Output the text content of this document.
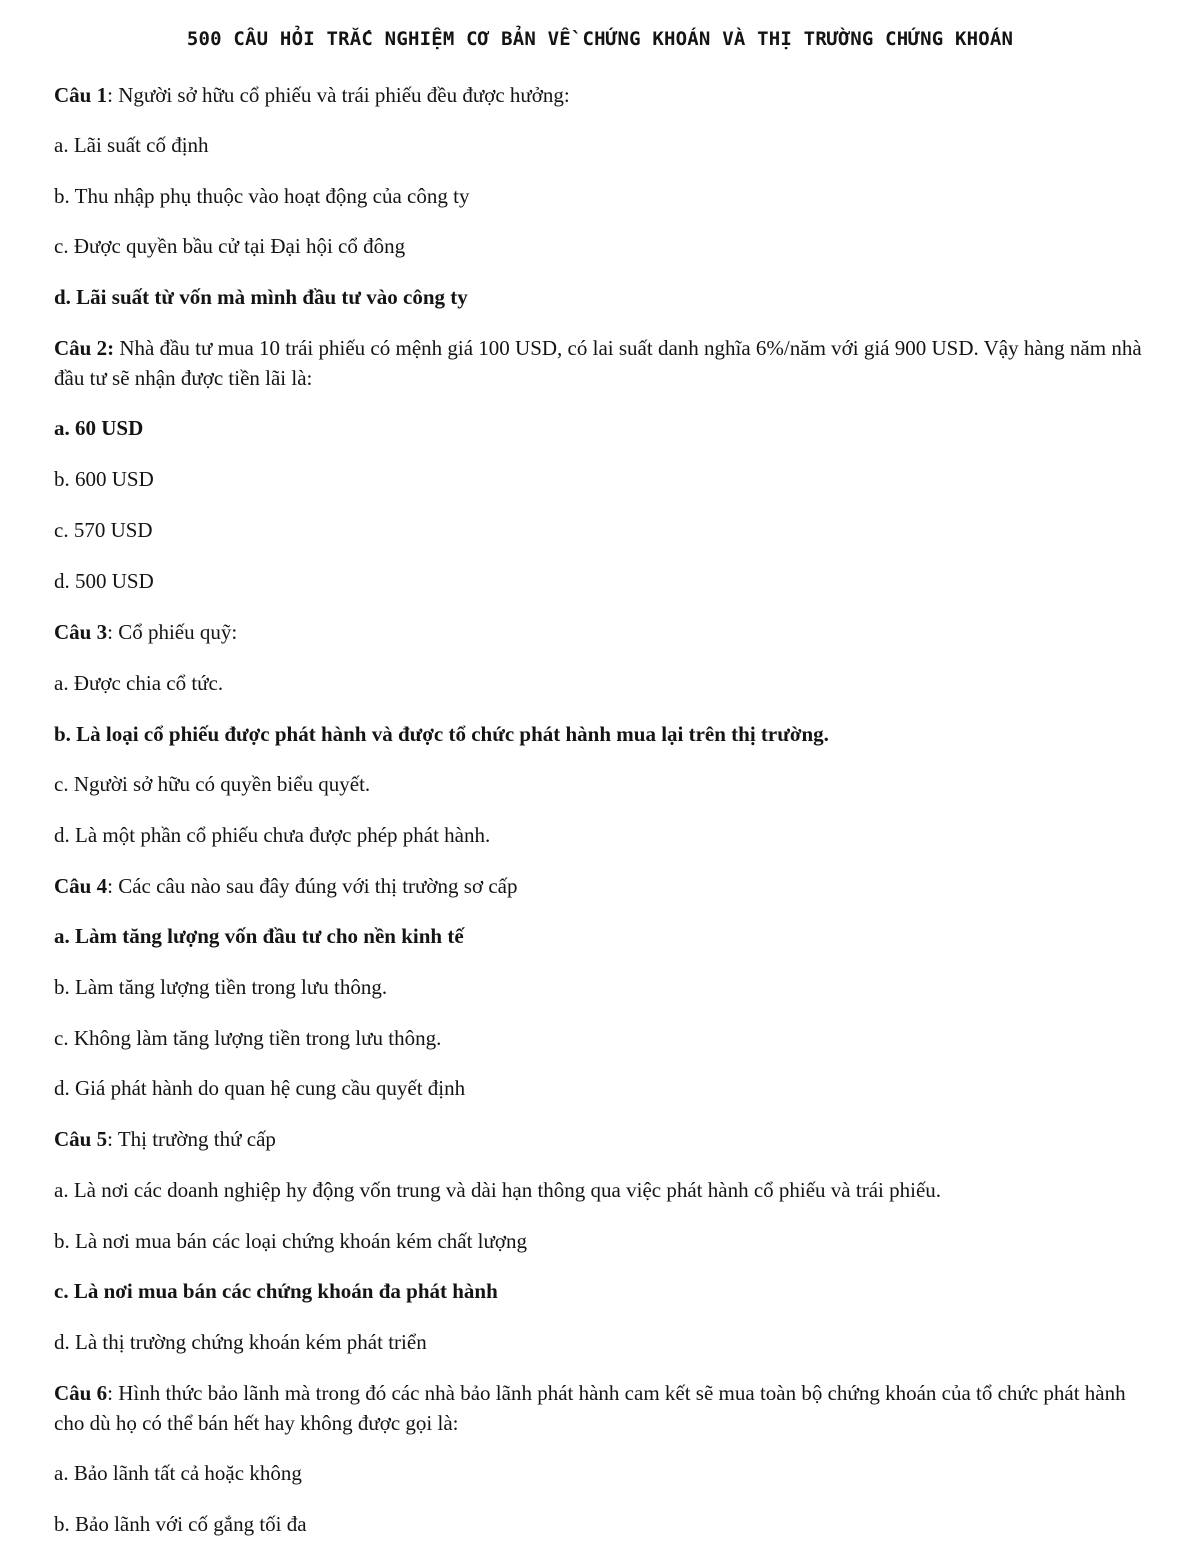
500 CÂU HỎI TRẮC NGHIỆM CƠ BẢN VỀ CHỨNG KHOÁN VÀ THỊ TRƯỜNG CHỨNG KHOÁN
Câu 1: Người sở hữu cổ phiếu và trái phiếu đều được hưởng:
a. Lãi suất cố định
b. Thu nhập phụ thuộc vào hoạt động của công ty
c. Được quyền bầu cử tại Đại hội cổ đông
d. Lãi suất từ vốn mà mình đầu tư vào công ty
Câu 2: Nhà đầu tư mua 10 trái phiếu có mệnh giá 100 USD, có lai suất danh nghĩa 6%/năm với giá 900 USD. Vậy hàng năm nhà đầu tư sẽ nhận được tiền lãi là:
a. 60 USD
b. 600 USD
c. 570 USD
d. 500 USD
Câu 3: Cổ phiếu quỹ:
a. Được chia cổ tức.
b. Là loại cổ phiếu được phát hành và được tổ chức phát hành mua lại trên thị trường.
c. Người sở hữu có quyền biểu quyết.
d. Là một phần cổ phiếu chưa được phép phát hành.
Câu 4: Các câu nào sau đây đúng với thị trường sơ cấp
a. Làm tăng lượng vốn đầu tư cho nền kinh tế
b. Làm tăng lượng tiền trong lưu thông.
c. Không làm tăng lượng tiền trong lưu thông.
d. Giá phát hành do quan hệ cung cầu quyết định
Câu 5: Thị trường thứ cấp
a. Là nơi các doanh nghiệp hy động vốn trung và dài hạn thông qua việc phát hành cổ phiếu và trái phiếu.
b. Là nơi mua bán các loại chứng khoán kém chất lượng
c. Là nơi mua bán các chứng khoán đa phát hành
d. Là thị trường chứng khoán kém phát triển
Câu 6: Hình thức bảo lãnh mà trong đó các nhà bảo lãnh phát hành cam kết sẽ mua toàn bộ chứng khoán của tổ chức phát hành cho dù họ có thể bán hết hay không được gọi là:
a. Bảo lãnh tất cả hoặc không
b. Bảo lãnh với cố gắng tối đa
